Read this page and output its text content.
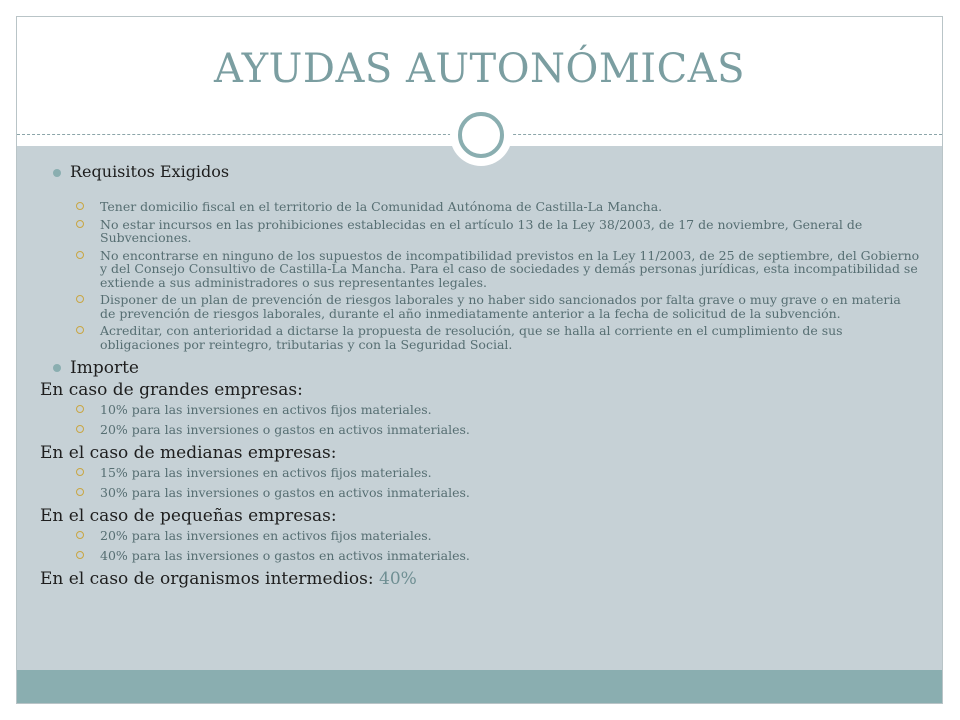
AYUDAS AUTONÓMICAS
Requisitos Exigidos
Tener domicilio fiscal en el territorio de la Comunidad Autónoma de Castilla-La Mancha.
No estar incursos en las prohibiciones establecidas en el artículo 13 de la Ley 38/2003, de 17 de noviembre, General de Subvenciones.
No encontrarse en ninguno de los supuestos de incompatibilidad previstos en la Ley 11/2003, de 25 de septiembre, del Gobierno y del Consejo Consultivo de Castilla-La Mancha. Para el caso de sociedades y demás personas jurídicas, esta incompatibilidad se extiende a sus administradores o sus representantes legales.
Disponer de un plan de prevención de riesgos laborales y no haber sido sancionados por falta grave o muy grave o en materia de prevención de riesgos laborales, durante el año inmediatamente anterior a la fecha de solicitud de la subvención.
Acreditar, con anterioridad a dictarse la propuesta de resolución, que se halla al corriente en el cumplimiento de sus obligaciones por reintegro, tributarias y con la Seguridad Social.
Importe
En caso de grandes empresas:
10% para las inversiones en activos fijos materiales.
20% para las inversiones o gastos en activos inmateriales.
En el caso de medianas empresas:
15% para las inversiones en activos fijos materiales.
30% para las inversiones o gastos en activos inmateriales.
En el caso de pequeñas empresas:
20% para las inversiones en activos fijos materiales.
40% para las inversiones o gastos en activos inmateriales.
En el caso de organismos intermedios: 40%
